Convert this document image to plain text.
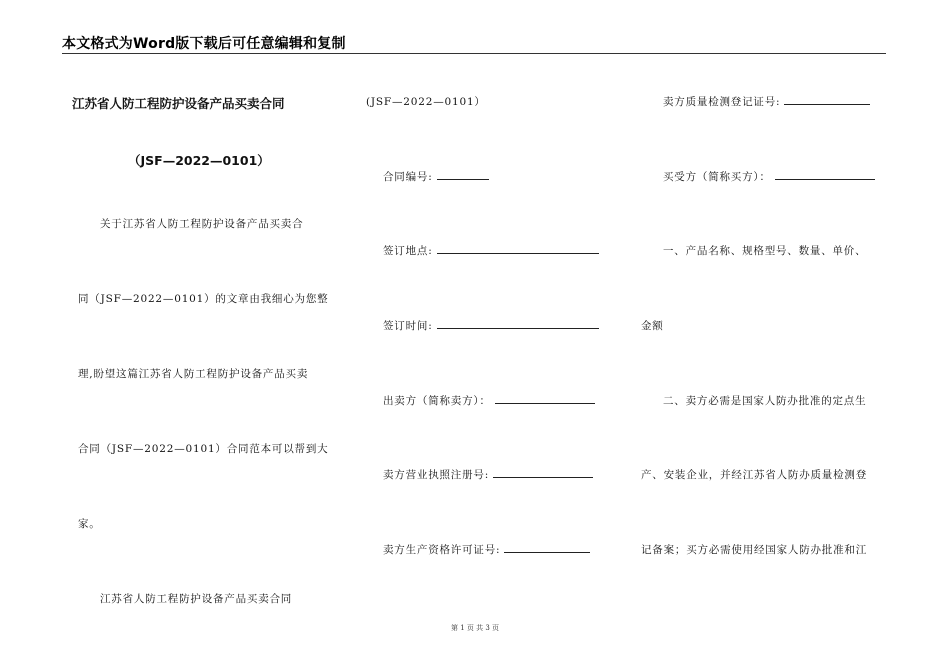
本文格式为Word版下载后可任意编辑和复制
江苏省人防工程防护设备产品买卖合同
（JSF—2022—0101）
关于江苏省人防工程防护设备产品买卖合
同（JSF—2022—0101）的文章由我细心为您整
理,盼望这篇江苏省人防工程防护设备产品买卖
合同（JSF—2022—0101）合同范本可以帮到大
家。
江苏省人防工程防护设备产品买卖合同
(JSF—2022—0101）
合同编号:
签订地点:
签订时间:
出卖方（简称卖方）：
卖方营业执照注册号:
卖方生产资格许可证号:
卖方质量检测登记证号:
买受方（简称买方）：
一、产品名称、规格型号、数量、单价、
金额
二、卖方必需是国家人防办批准的定点生
产、安装企业，并经江苏省人防办质量检测登
记备案；买方必需使用经国家人防办批准和江
第 1 页 共 3 页
